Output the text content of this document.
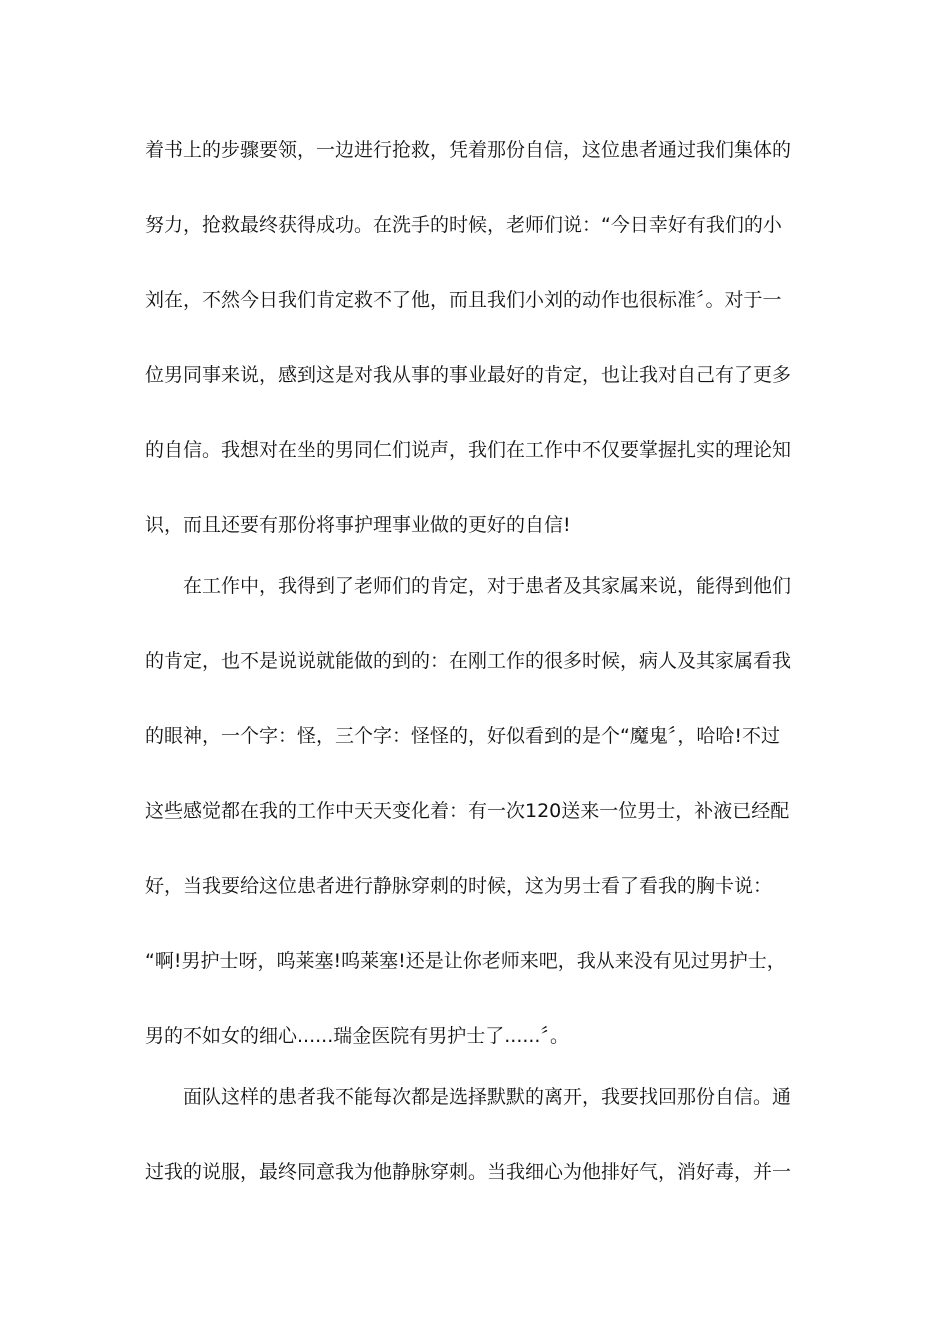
着书上的步骤要领，一边进行抢救，凭着那份自信，这位患者通过我们集体的
努力，抢救最终获得成功。在洗手的时候，老师们说：“今日幸好有我们的小
刘在，不然今日我们肯定救不了他，而且我们小刘的动作也很标准〞。对于一
位男同事来说，感到这是对我从事的事业最好的肯定，也让我对自己有了更多
的自信。我想对在坐的男同仁们说声，我们在工作中不仅要掌握扎实的理论知
识，而且还要有那份将事护理事业做的更好的自信!
在工作中，我得到了老师们的肯定，对于患者及其家属来说，能得到他们
的肯定，也不是说说就能做的到的：在刚工作的很多时候，病人及其家属看我
的眼神，一个字：怪，三个字：怪怪的，好似看到的是个“魔鬼〞，哈哈!不过
这些感觉都在我的工作中天天变化着：有一次120送来一位男士，补液已经配
好，当我要给这位患者进行静脉穿刺的时候，这为男士看了看我的胸卡说：
“啊!男护士呀，呜莱塞!呜莱塞!还是让你老师来吧，我从来没有见过男护士，
男的不如女的细心......瑞金医院有男护士了......〞。
面队这样的患者我不能每次都是选择默默的离开，我要找回那份自信。通
过我的说服，最终同意我为他静脉穿刺。当我细心为他排好气，消好毒，并一
